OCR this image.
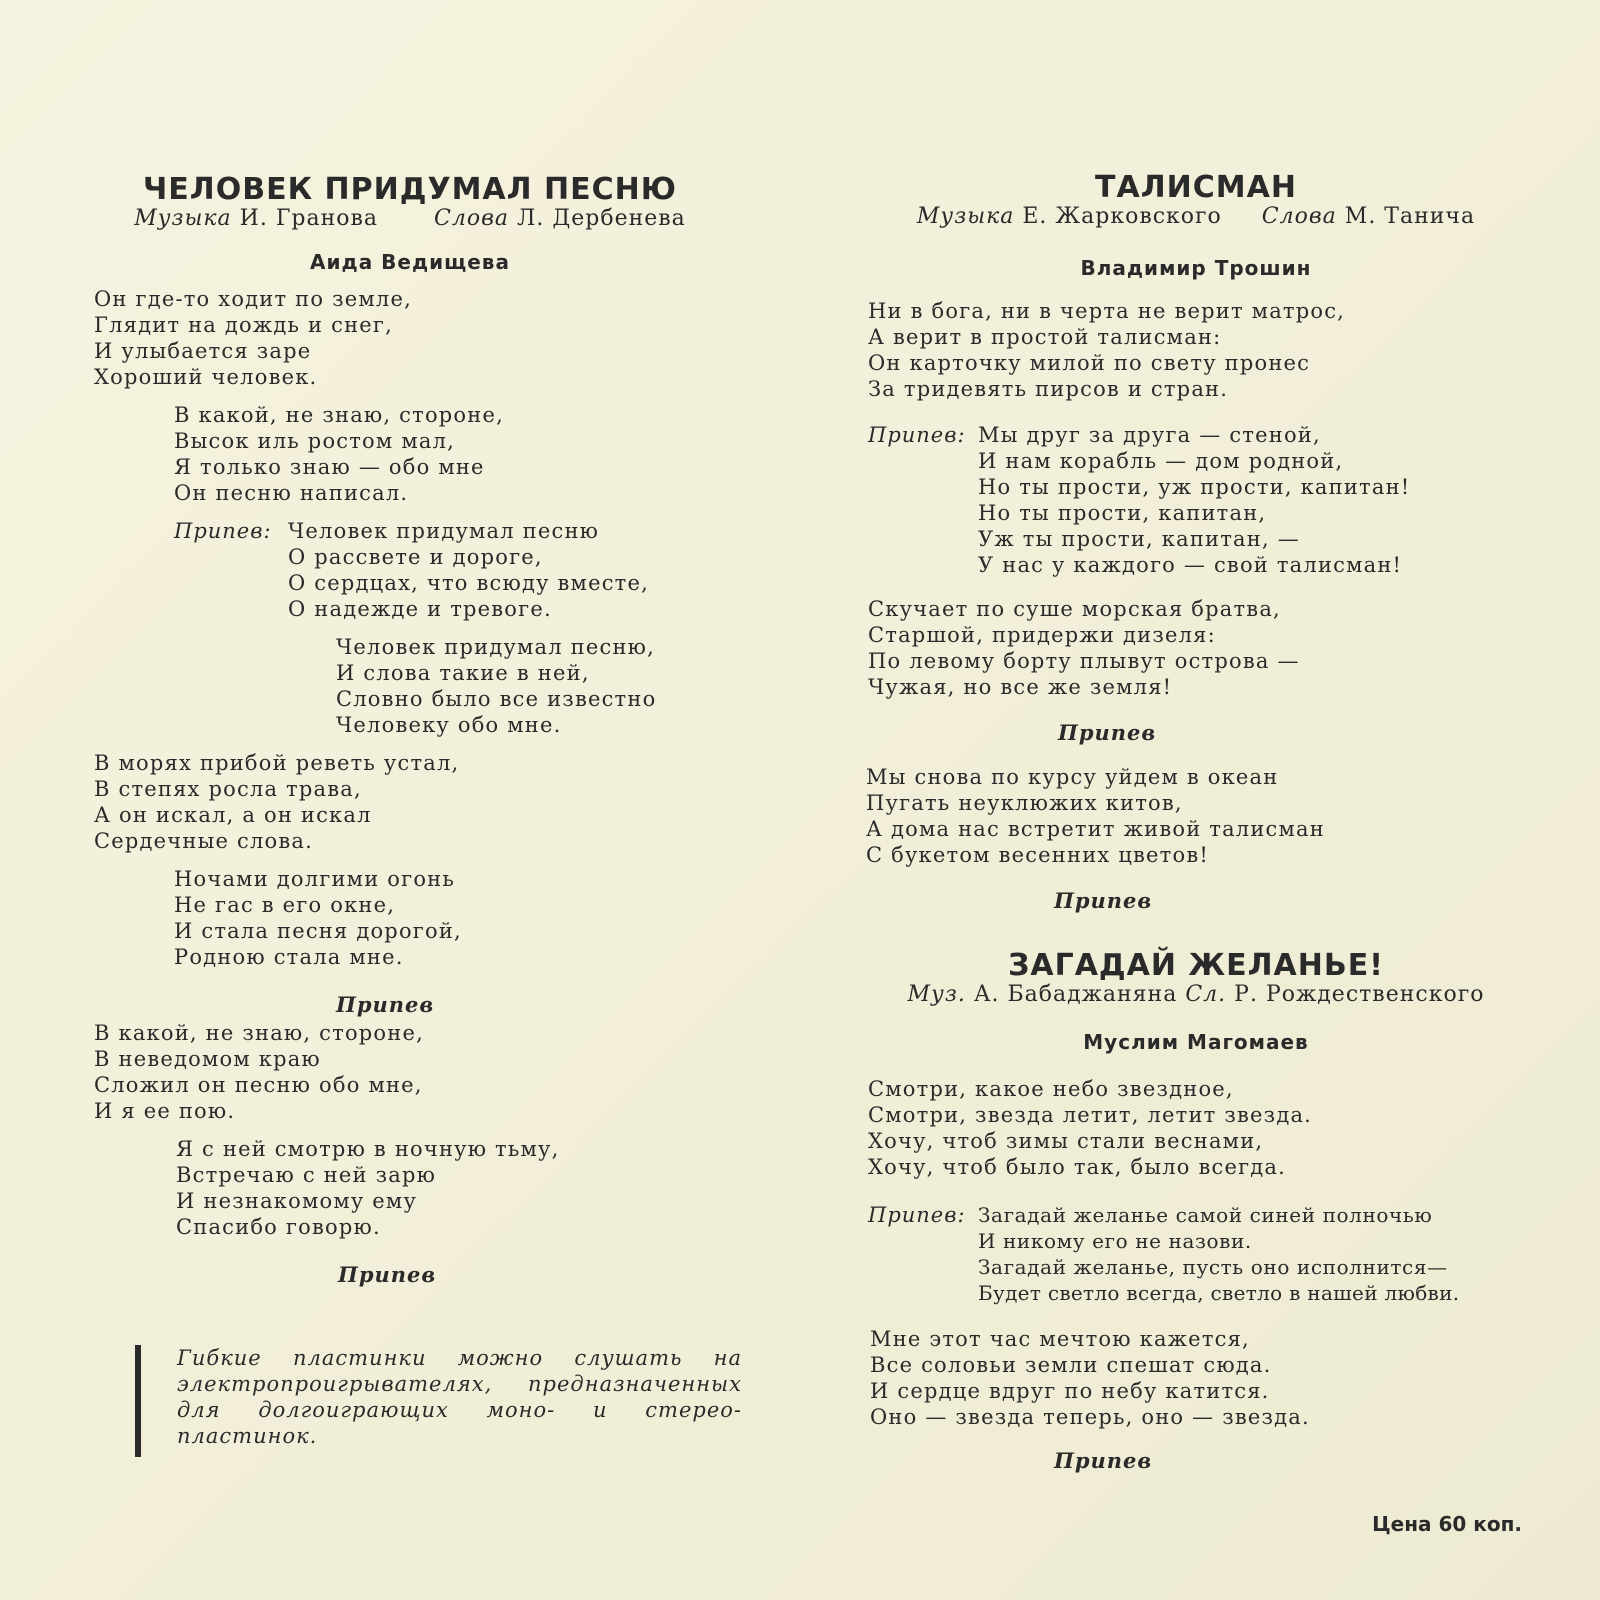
ЧЕЛОВЕК ПРИДУМАЛ ПЕСНЮ
Музыка И. Гранова	Слова Л. Дербенева
Аида Ведищева
Он где-то ходит по земле,
Глядит на дождь и снег,
И улыбается заре
Хороший человек.
В какой, не знаю, стороне,
Высок иль ростом мал,
Я только знаю — обо мне
Он песню написал.
Припев: Человек придумал песню
О рассвете и дороге,
О сердцах, что всюду вместе,
О надежде и тревоге.
Человек придумал песню,
И слова такие в ней,
Словно было все известно
Человеку обо мне.
В морях прибой реветь устал,
В степях росла трава,
А он искал, а он искал
Сердечные слова.
Ночами долгими огонь
Не гас в его окне,
И стала песня дорогой,
Родною стала мне.
Припев
В какой, не знаю, стороне,
В неведомом краю
Сложил он песню обо мне,
И я ее пою.
Я с ней смотрю в ночную тьму,
Встречаю с ней зарю
И незнакомому ему
Спасибо говорю.
Припев
Гибкие пластинки можно слушать на электропроигрывателях, предназначенных для долгоиграющих моно- и стерео-пластинок.
ТАЛИСМАН
Музыка Е. Жарковского Слова М. Танича
Владимир Трошин
Ни в бога, ни в черта не верит матрос,
А верит в простой талисман:
Он карточку милой по свету пронес
За тридевять пирсов и стран.
Припев: Мы друг за друга — стеной,
И нам корабль — дом родной,
Но ты прости, уж прости, капитан!
Но ты прости, капитан,
Уж ты прости, капитан, —
У нас у каждого — свой талисман!
Скучает по суше морская братва,
Старшой, придержи дизеля:
По левому борту плывут острова —
Чужая, но все же земля!
Припев
Мы снова по курсу уйдем в океан
Пугать неуклюжих китов,
А дома нас встретит живой талисман
С букетом весенних цветов!
Припев
ЗАГАДАЙ ЖЕЛАНЬЕ!
Муз. А. Бабаджаняна Сл. Р. Рождественского
Муслим Магомаев
Смотри, какое небо звездное,
Смотри, звезда летит, летит звезда.
Хочу, чтоб зимы стали веснами,
Хочу, чтоб было так, было всегда.
Припев: Загадай желанье самой синей полночью
И никому его не назови.
Загадай желанье, пусть оно исполнится—
Будет светло всегда, светло в нашей любви.
Мне этот час мечтою кажется,
Все соловьи земли спешат сюда.
И сердце вдруг по небу катится.
Оно — звезда теперь, оно — звезда.
Припев
Цена 60 коп.
